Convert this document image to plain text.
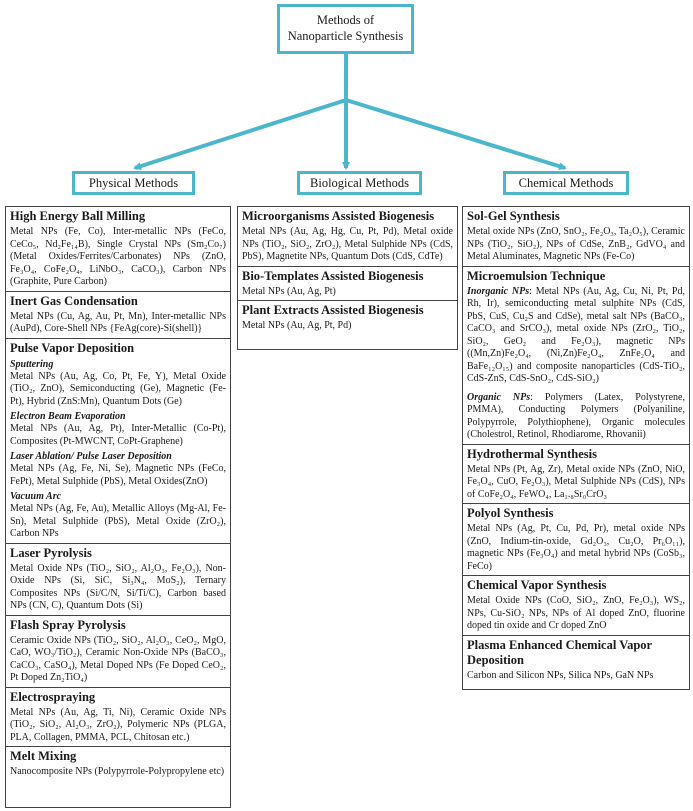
Methods of Nanoparticle Synthesis
Physical Methods	Biological Methods	Chemical Methods
High Energy Ball Milling

Metal NPs (Fe, Co), Inter-metallic NPs (FeCo, CeCo₅, Nd₂Fe₁₄B), Single Crystal NPs (Sm₂Co₇) (Metal Oxides/Ferrites/Carbonates) NPs (ZnO, Fe₃O₄, CoFe₂O₄, LiNbO₃, CaCO₃), Carbon NPs (Graphite, Pure Carbon)

Inert Gas Condensation

Metal NPs (Cu, Ag, Au, Pt, Mn), Inter-metallic NPs (AuPd), Core-Shell NPs {FeAg(core)-Si(shell)}

Pulse Vapor Deposition
Sputtering

Metal NPs (Au, Ag, Co, Pt, Fe, Y), Metal Oxide (TiO₂, ZnO), Semiconducting (Ge), Magnetic (Fe-Pt), Hybrid (ZnS:Mn), Quantum Dots (Ge)

Electron Beam Evaporation

Metal NPs (Au, Ag, Pt), Inter-Metallic (Co-Pt), Composites (Pt-MWCNT, CoPt-Graphene)

Laser Ablation/ Pulse Laser Deposition

Metal NPs (Ag, Fe, Ni, Se), Magnetic NPs (FeCo, FePt), Metal Sulphide (PbS), Metal Oxides(ZnO)

Vacuum Arc

Metal NPs (Ag, Fe, Au), Metallic Alloys (Mg-Al, Fe-Sn), Metal Sulphide (PbS), Metal Oxide (ZrO₂), Carbon NPs

Laser Pyrolysis

Metal Oxide NPs (TiO₂, SiO₂, Al₂O₃, Fe₂O₃), Non-Oxide NPs (Si, SiC, Si₃N₄, MoS₂), Ternary Composites NPs (Si/C/N, Si/Ti/C), Carbon based NPs (CN, C), Quantum Dots (Si)

Flash Spray Pyrolysis

Ceramic Oxide NPs (TiO₂, SiO₂, Al₂O₃, CeO₂, MgO, CaO, WO₃/TiO₂), Ceramic Non-Oxide NPs (BaCO₃, CaCO₃, CaSO₄), Metal Doped NPs (Fe Doped CeO₂, Pt Doped Zn₂TiO₄)

Electrospraying

Metal NPs (Au, Ag, Ti, Ni), Ceramic Oxide NPs (TiO₂, SiO₂, Al₂O₃, ZrO₂), Polymeric NPs (PLGA, PLA, Collagen, PMMA, PCL, Chitosan etc.)

Melt Mixing

Nanocomposite NPs (Polypyrrole-Polypropylene etc)

Microorganisms Assisted Biogenesis

Metal NPs (Au, Ag, Hg, Cu, Pt, Pd), Metal oxide NPs (TiO₂, SiO₂, ZrO₂), Metal Sulphide NPs (CdS, PbS), Magnetite NPs, Quantum Dots (CdS, CdTe)

Bio-Templates Assisted Biogenesis

Metal NPs (Au, Ag, Pt)

Plant Extracts Assisted Biogenesis

Metal NPs (Au, Ag, Pt, Pd)

Sol-Gel Synthesis

Metal oxide NPs (ZnO, SnO₂, Fe₂O₃, Ta₂O₅), Ceramic NPs (TiO₂, SiO₂), NPs of CdSe, ZnB₂, GdVO₄ and Metal Aluminates, Magnetic NPs (Fe-Co)

Microemulsion Technique

Inorganic NPs: Metal NPs (Au, Ag, Cu, Ni, Pt, Pd, Rh, Ir), semiconducting metal sulphite NPs (CdS, PbS, CuS, Cu₂S and CdSe), metal salt NPs (BaCO₃, CaCO₃ and SrCO₃), metal oxide NPs (ZrO₂, TiO₂, SiO₂, GeO₂ and Fe₂O₃), magnetic NPs ((Mn,Zn)Fe₂O₄, (Ni,Zn)Fe₂O₄, ZnFe₂O₄ and BaFe₁₂O₁₅) and composite nanoparticles (CdS-TiO₂, CdS-ZnS, CdS-SnO₂, CdS-SiO₂)

Organic NPs: Polymers (Latex, Polystyrene, PMMA), Conducting Polymers (Polyaniline, Polypyrrole, Polythiophene), Organic molecules (Cholestrol, Retinol, Rhodiarome, Rhovanii)

Hydrothermal Synthesis

Metal NPs (Pt, Ag, Zr), Metal oxide NPs (ZnO, NiO, Fe₃O₄, CuO, Fe₂O₃), Metal Sulphide NPs (CdS), NPs of CoFe₂O₄, FeWO₄, La₁.₈Sr₀CrO₃

Polyol Synthesis

Metal NPs (Ag, Pt, Cu, Pd, Pr), metal oxide NPs (ZnO, Indium-tin-oxide, Gd₂O₃, Cu₂O, Pr₆O₁₁), magnetic NPs (Fe₃O₄) and metal hybrid NPs (CoSb₃, FeCo)

Chemical Vapor Synthesis

Metal Oxide NPs (CoO, SiO₂, ZnO, Fe₂O₃), WS₂, NPs, Cu-SiO₂ NPs, NPs of Al doped ZnO, fluorine doped tin oxide and Cr doped ZnO

Plasma Enhanced Chemical Vapor Deposition

Carbon and Silicon NPs, Silica NPs, GaN NPs
